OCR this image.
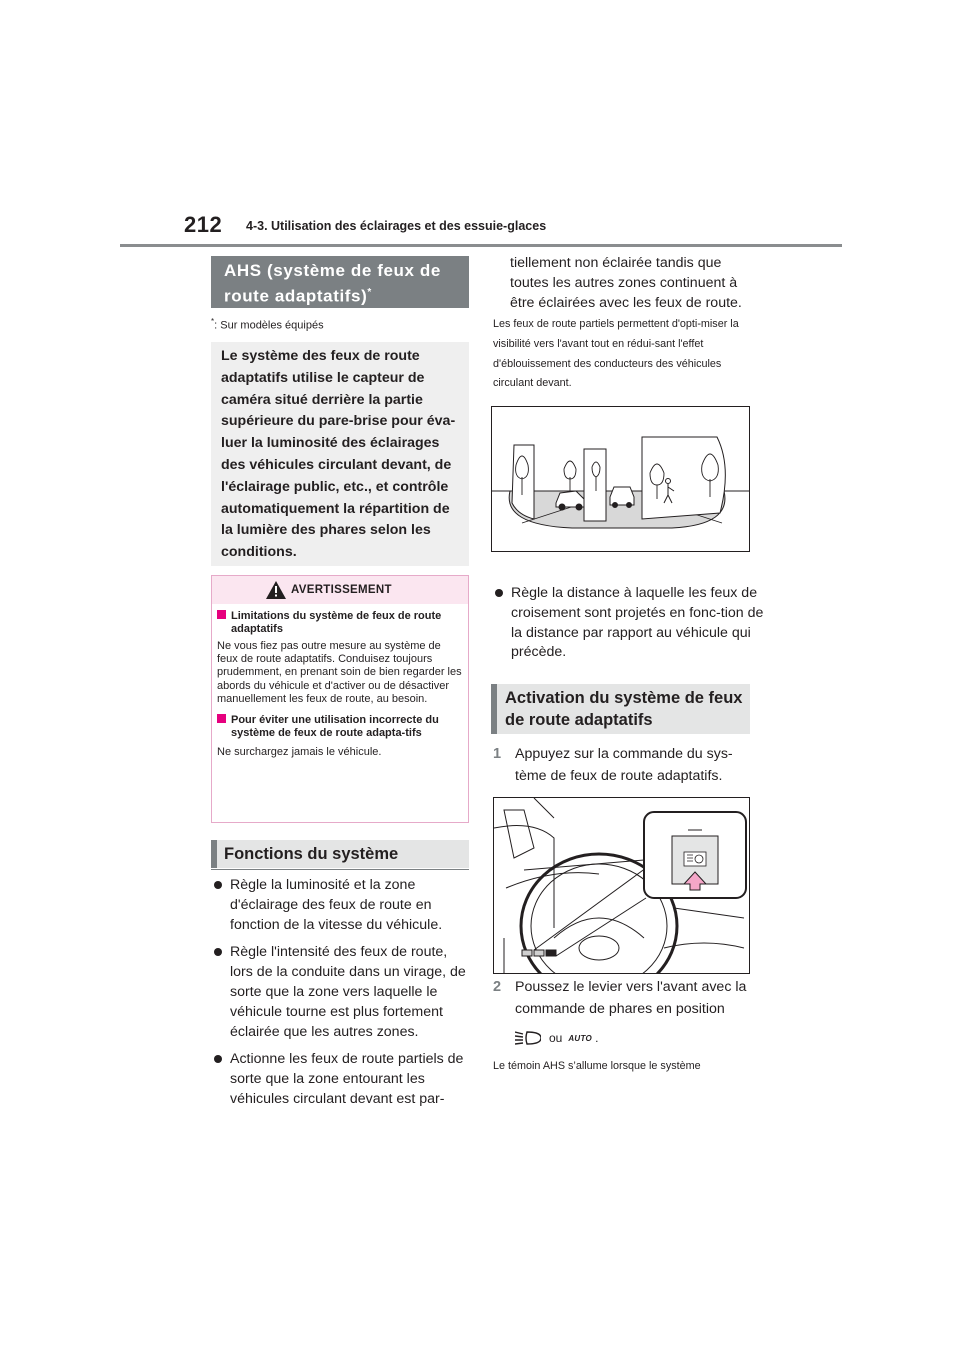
212 4-3. Utilisation des éclairages et des essuie-glaces
AHS (système de feux de
route adaptatifs)*
*: Sur modèles équipés
Le système des feux de route
adaptatifs utilise le capteur de
caméra situé derrière la partie
supérieure du pare-brise pour éva-
luer la luminosité des éclairages
des véhicules circulant devant, de
l'éclairage public, etc., et contrôle
automatiquement la répartition de
la lumière des phares selon les
conditions.
AVERTISSEMENT
Limitations du système de feux de route adaptatifs
Ne vous fiez pas outre mesure au système de feux de route adaptatifs. Conduisez toujours prudemment, en prenant soin de bien regarder les abords du véhicule et d'activer ou de désactiver manuellement les feux de route, au besoin.
Pour éviter une utilisation incorrecte du système de feux de route adapta-tifs
Ne surchargez jamais le véhicule.
Fonctions du système
Règle la luminosité et la zone d'éclairage des feux de route en fonction de la vitesse du véhicule.
Règle l'intensité des feux de route, lors de la conduite dans un virage, de sorte que la zone vers laquelle le véhicule tourne est plus fortement éclairée que les autres zones.
Actionne les feux de route partiels de sorte que la zone entourant les véhicules circulant devant est par-
tiellement non éclairée tandis que toutes les autres zones continuent à être éclairées avec les feux de route.
Les feux de route partiels permettent d'opti-miser la visibilité vers l'avant tout en rédui-sant l'effet d'éblouissement des conducteurs des véhicules circulant devant.
Règle la distance à laquelle les feux de croisement sont projetés en fonc-tion de la distance par rapport au véhicule qui précède.
Activation du système de feux
de route adaptatifs
1 Appuyez sur la commande du sys-tème de feux de route adaptatifs.
2 Poussez le levier vers l'avant avec la commande de phares en position
ou AUTO .
Le témoin AHS s’allume lorsque le système
